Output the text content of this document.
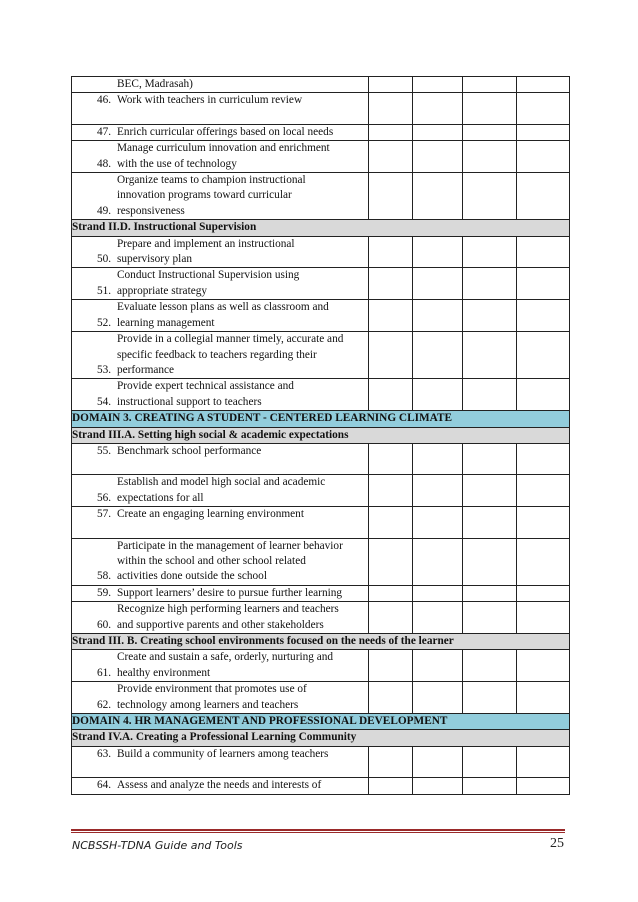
BEC, Madrasah)				
46. Work with teachers in curriculum review				
47. Enrich curricular offerings based on local needs				
48.Manage curriculum innovation and enrichment with the use of technology				
49.Organize teams to champion instructional innovation programs toward curricular responsiveness				
Strand II.D. Instructional Supervision				
50.Prepare and implement an instructional supervisory plan				
51.Conduct Instructional Supervision using appropriate strategy				
52.Evaluate lesson plans as well as classroom and learning management				
53.Provide in a collegial manner timely, accurate and specific feedback to teachers regarding their performance				
54.Provide expert technical assistance and instructional support to teachers				
DOMAIN 3. CREATING A STUDENT - CENTERED LEARNING CLIMATE				
Strand III.A. Setting high social & academic expectations				
55. Benchmark school performance				
56.Establish and model high social and academic expectations for all				
57. Create an engaging learning environment				
58.Participate in the management of learner behavior within the school and other school related activities done outside the school				
59. Support learners’ desire to pursue further learning				
60.Recognize high performing learners and teachers and supportive parents and other stakeholders				
Strand III. B. Creating school environments focused on the needs of the learner				
61.Create and sustain a safe, orderly, nurturing and healthy environment				
62.Provide environment that promotes use of technology among learners and teachers				
DOMAIN 4. HR MANAGEMENT AND PROFESSIONAL DEVELOPMENT				
Strand IV.A. Creating a Professional Learning Community				
63. Build a community of learners among teachers				
64. Assess and analyze the needs and interests of				
NCBSSH-TDNA Guide and Tools	25
